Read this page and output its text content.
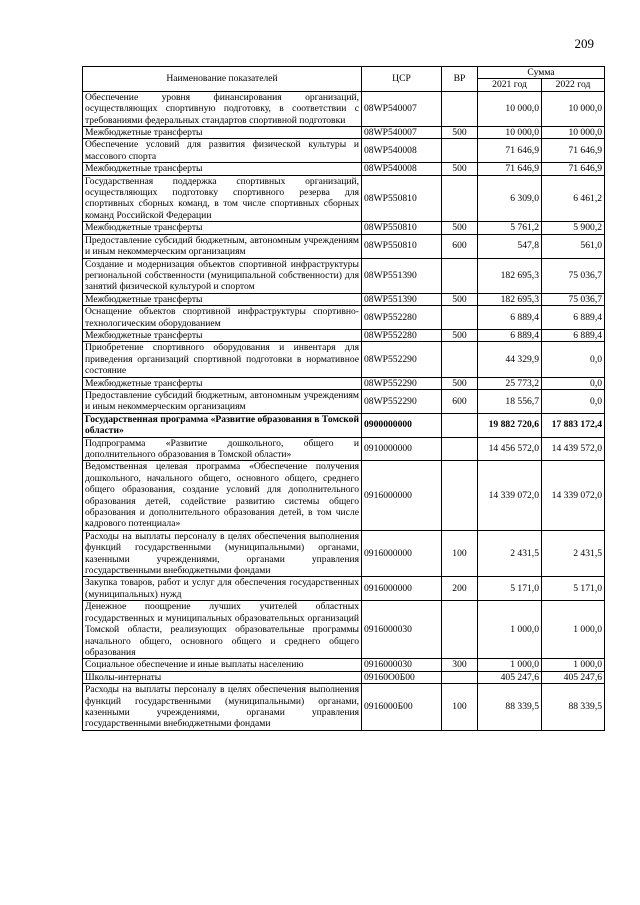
209
Наименование показателей	ЦСР	ВР	Сумма	
			2021 год	2022 год
Обеспечение уровня финансирования организаций, осуществляющих спортивную подготовку, в соответствии с требованиями федеральных стандартов спортивной подготовки	08WP540007		10 000,0	10 000,0
Межбюджетные трансферты	08WP540007	500	10 000,0	10 000,0
Обеспечение условий для развития физической культуры и массового спорта	08WP540008		71 646,9	71 646,9
Межбюджетные трансферты	08WP540008	500	71 646,9	71 646,9
Государственная поддержка спортивных организаций, осуществляющих подготовку спортивного резерва для спортивных сборных команд, в том числе спортивных сборных команд Российской Федерации	08WP550810		6 309,0	6 461,2
Межбюджетные трансферты	08WP550810	500	5 761,2	5 900,2
Предоставление субсидий бюджетным, автономным учреждениям и иным некоммерческим организациям	08WP550810	600	547,8	561,0
Создание и модернизация объектов спортивной инфраструктуры региональной собственности (муниципальной собственности) для занятий физической культурой и спортом	08WP551390		182 695,3	75 036,7
Межбюджетные трансферты	08WP551390	500	182 695,3	75 036,7
Оснащение объектов спортивной инфраструктуры спортивно-технологическим оборудованием	08WP552280		6 889,4	6 889,4
Межбюджетные трансферты	08WP552280	500	6 889,4	6 889,4
Приобретение спортивного оборудования и инвентаря для приведения организаций спортивной подготовки в нормативное состояние	08WP552290		44 329,9	0,0
Межбюджетные трансферты	08WP552290	500	25 773,2	0,0
Предоставление субсидий бюджетным, автономным учреждениям и иным некоммерческим организациям	08WP552290	600	18 556,7	0,0
Государственная программа «Развитие образования в Томской области»	0900000000		19 882 720,6	17 883 172,4
Подпрограмма «Развитие дошкольного, общего и дополнительного образования в Томской области»	0910000000		14 456 572,0	14 439 572,0
Ведомственная целевая программа «Обеспечение получения дошкольного, начального общего, основного общего, среднего общего образования, создание условий для дополнительного образования детей, содействие развитию системы общего образования и дополнительного образования детей, в том числе кадрового потенциала»	0916000000		14 339 072,0	14 339 072,0
Расходы на выплаты персоналу в целях обеспечения выполнения функций государственными (муниципальными) органами, казенными учреждениями, органами управления государственными внебюджетными фондами	0916000000	100	2 431,5	2 431,5
Закупка товаров, работ и услуг для обеспечения государственных (муниципальных) нужд	0916000000	200	5 171,0	5 171,0
Денежное поощрение лучших учителей областных государственных и муниципальных образовательных организаций Томской области, реализующих образовательные программы начального общего, основного общего и среднего общего образования	0916000030		1 000,0	1 000,0
Социальное обеспечение и иные выплаты населению	0916000030	300	1 000,0	1 000,0
Школы-интернаты	09160О0Б00		405 247,6	405 247,6
Расходы на выплаты персоналу в целях обеспечения выполнения функций государственными (муниципальными) органами, казенными учреждениями, органами управления государственными внебюджетными фондами	0916000Б00	100	88 339,5	88 339,5
